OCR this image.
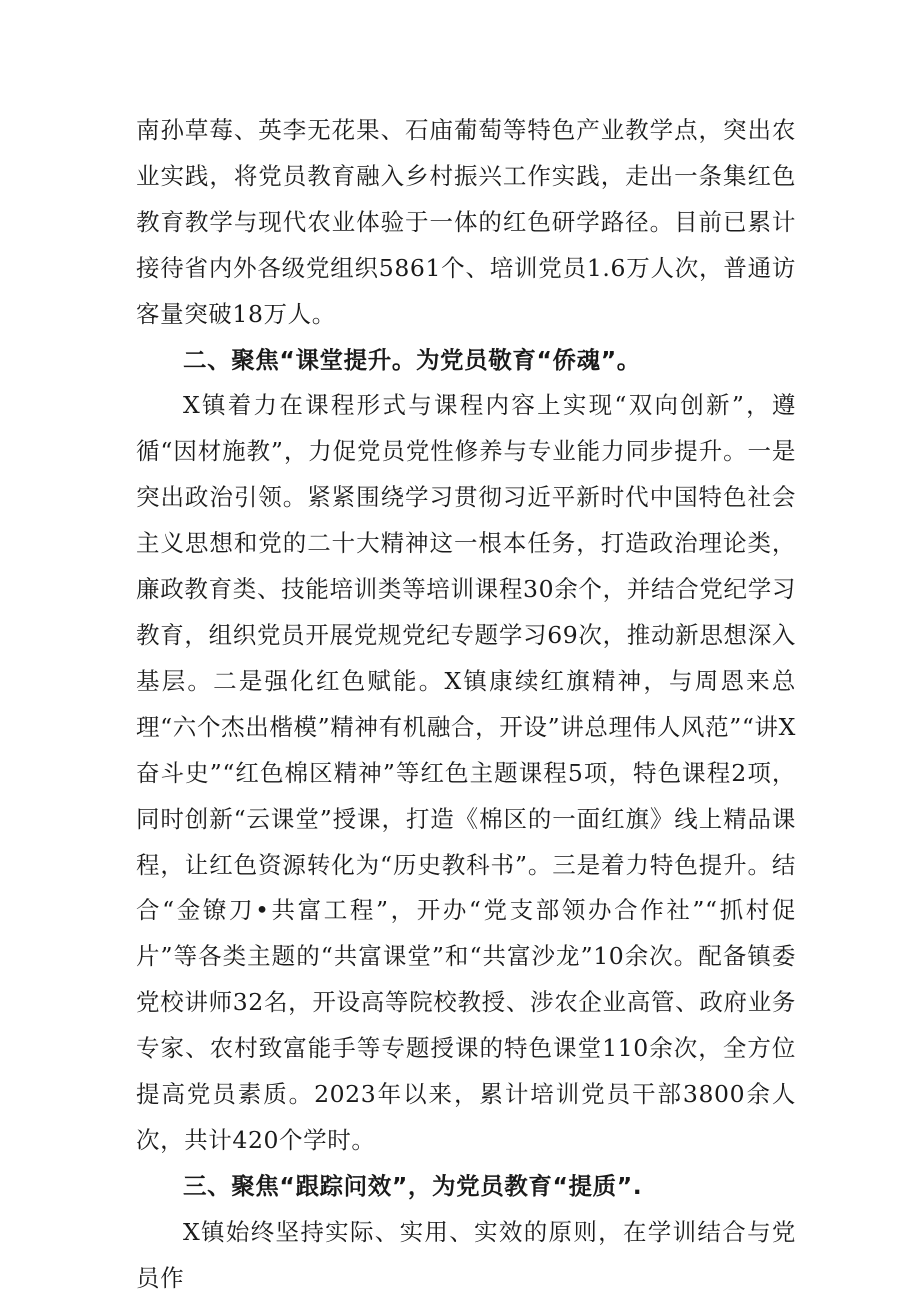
南孙草莓、英李无花果、石庙葡萄等特色产业教学点，突出农业实践，将党员教育融入乡村振兴工作实践，走出一条集红色教育教学与现代农业体验于一体的红色研学路径。目前已累计接待省内外各级党组织5861个、培训党员1.6万人次，普通访客量突破18万人。

二、聚焦“课堂提升。为党员敬育“侨魂”。

X镇着力在课程形式与课程内容上实现“双向创新”，遵循“因材施教”，力促党员党性修养与专业能力同步提升。一是突出政治引领。紧紧围绕学习贯彻习近平新时代中国特色社会主义思想和党的二十大精神这一根本任务，打造政治理论类，廉政教育类、技能培训类等培训课程30余个，并结合党纪学习教育，组织党员开展党规党纪专题学习69次，推动新思想深入基层。二是强化红色赋能。X镇康续红旗精神，与周恩来总理“六个杰出楷模”精神有机融合，开设”讲总理伟人风范”“讲X奋斗史”“红色棉区精神”等红色主题课程5项，特色课程2项，同时创新“云课堂”授课，打造《棉区的一面红旗》线上精品课程，让红色资源转化为“历史教科书”。三是着力特色提升。结合“金镣刀•共富工程”，开办“党支部领办合作社”“抓村促片”等各类主题的“共富课堂”和“共富沙龙”10余次。配备镇委党校讲师32名，开设高等院校教授、涉农企业高管、政府业务专家、农村致富能手等专题授课的特色课堂110余次，全方位提高党员素质。2023年以来，累计培训党员干部3800余人次，共计420个学时。

三、聚焦“跟踪问效”，为党员教育“提质”.

X镇始终坚持实际、实用、实效的原则，在学训结合与党员作
